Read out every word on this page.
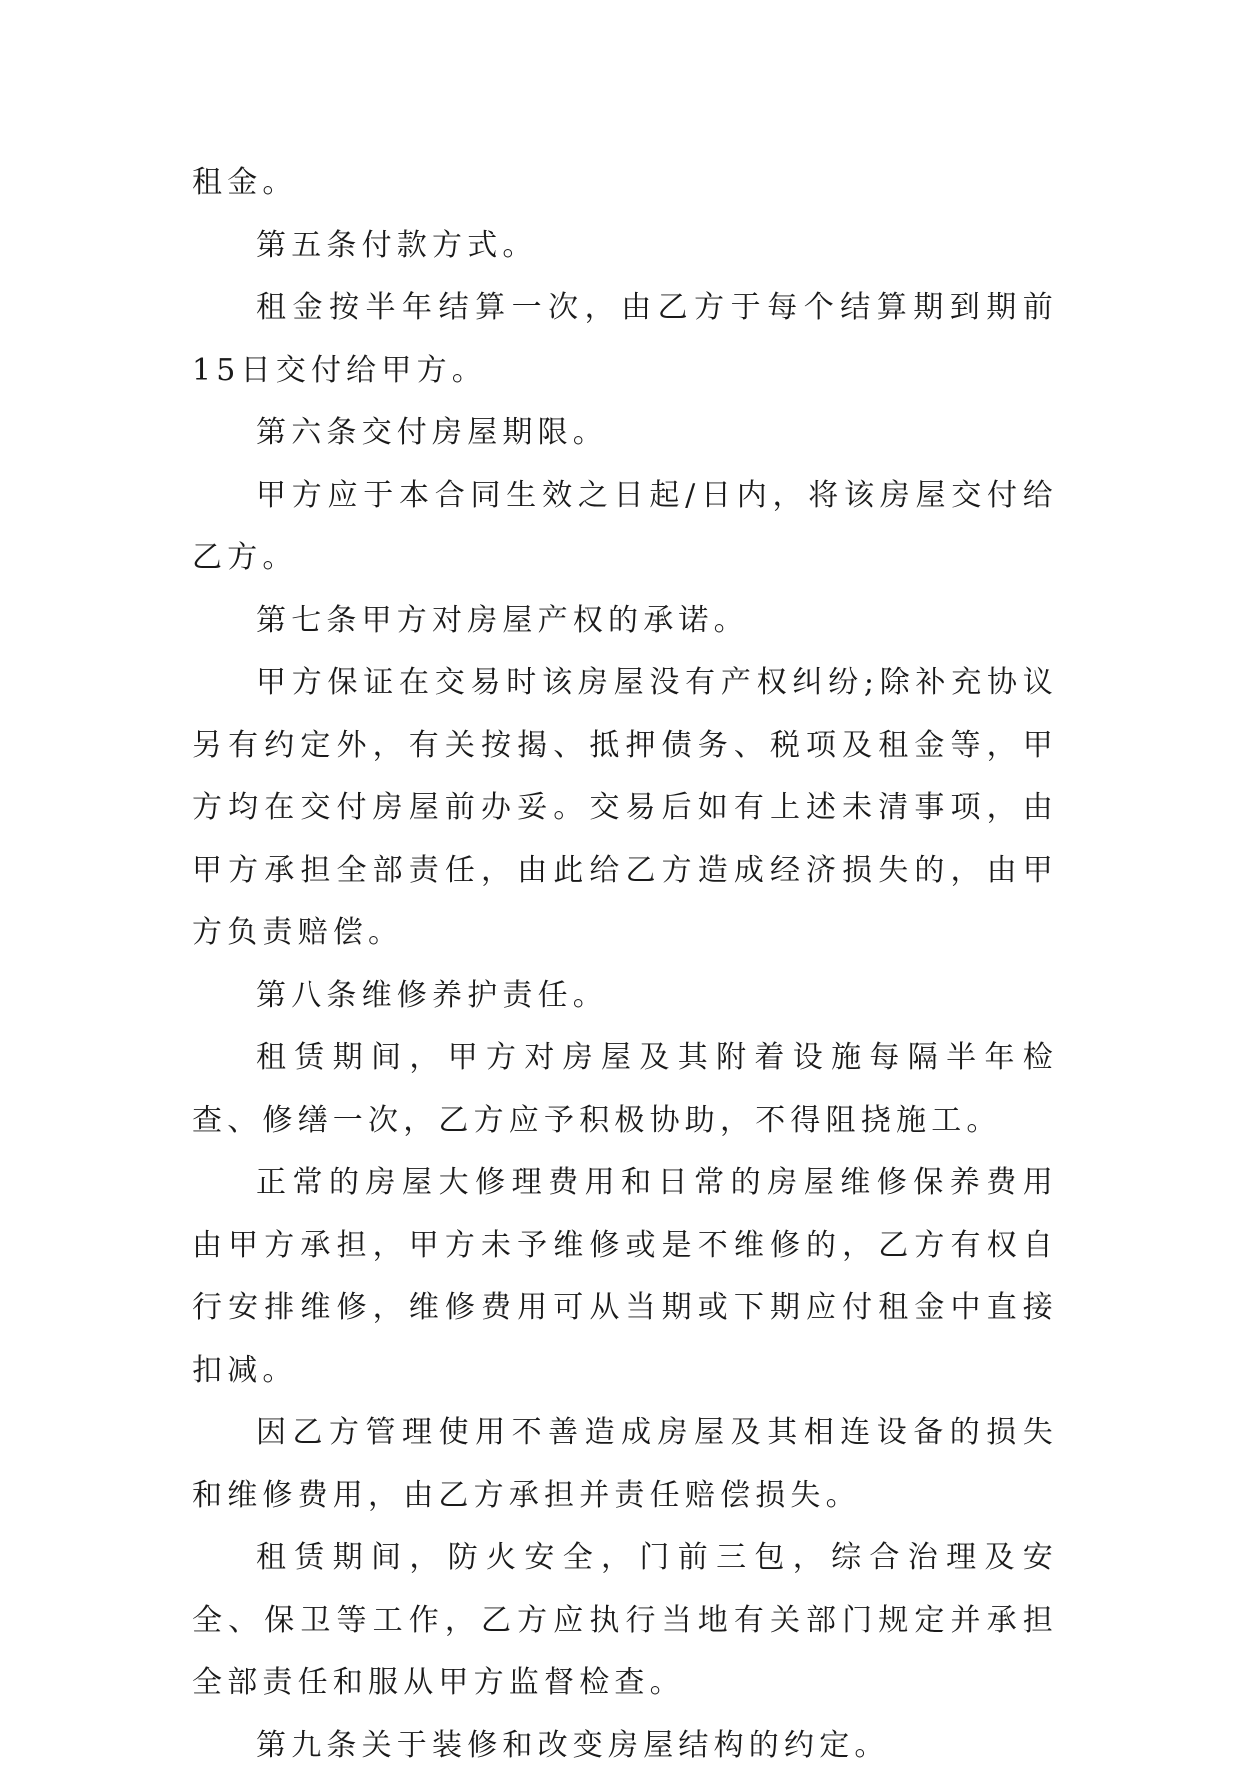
租金。

第五条付款方式。

租金按半年结算一次，由乙方于每个结算期到期前15日交付给甲方。

第六条交付房屋期限。

甲方应于本合同生效之日起/日内，将该房屋交付给乙方。

第七条甲方对房屋产权的承诺。

甲方保证在交易时该房屋没有产权纠纷;除补充协议另有约定外，有关按揭、抵押债务、税项及租金等，甲方均在交付房屋前办妥。交易后如有上述未清事项，由甲方承担全部责任，由此给乙方造成经济损失的，由甲方负责赔偿。

第八条维修养护责任。

租赁期间，甲方对房屋及其附着设施每隔半年检查、修缮一次，乙方应予积极协助，不得阻挠施工。

正常的房屋大修理费用和日常的房屋维修保养费用由甲方承担，甲方未予维修或是不维修的，乙方有权自行安排维修，维修费用可从当期或下期应付租金中直接扣减。

因乙方管理使用不善造成房屋及其相连设备的损失和维修费用，由乙方承担并责任赔偿损失。

租赁期间，防火安全，门前三包，综合治理及安全、保卫等工作，乙方应执行当地有关部门规定并承担全部责任和服从甲方监督检查。

第九条关于装修和改变房屋结构的约定。
